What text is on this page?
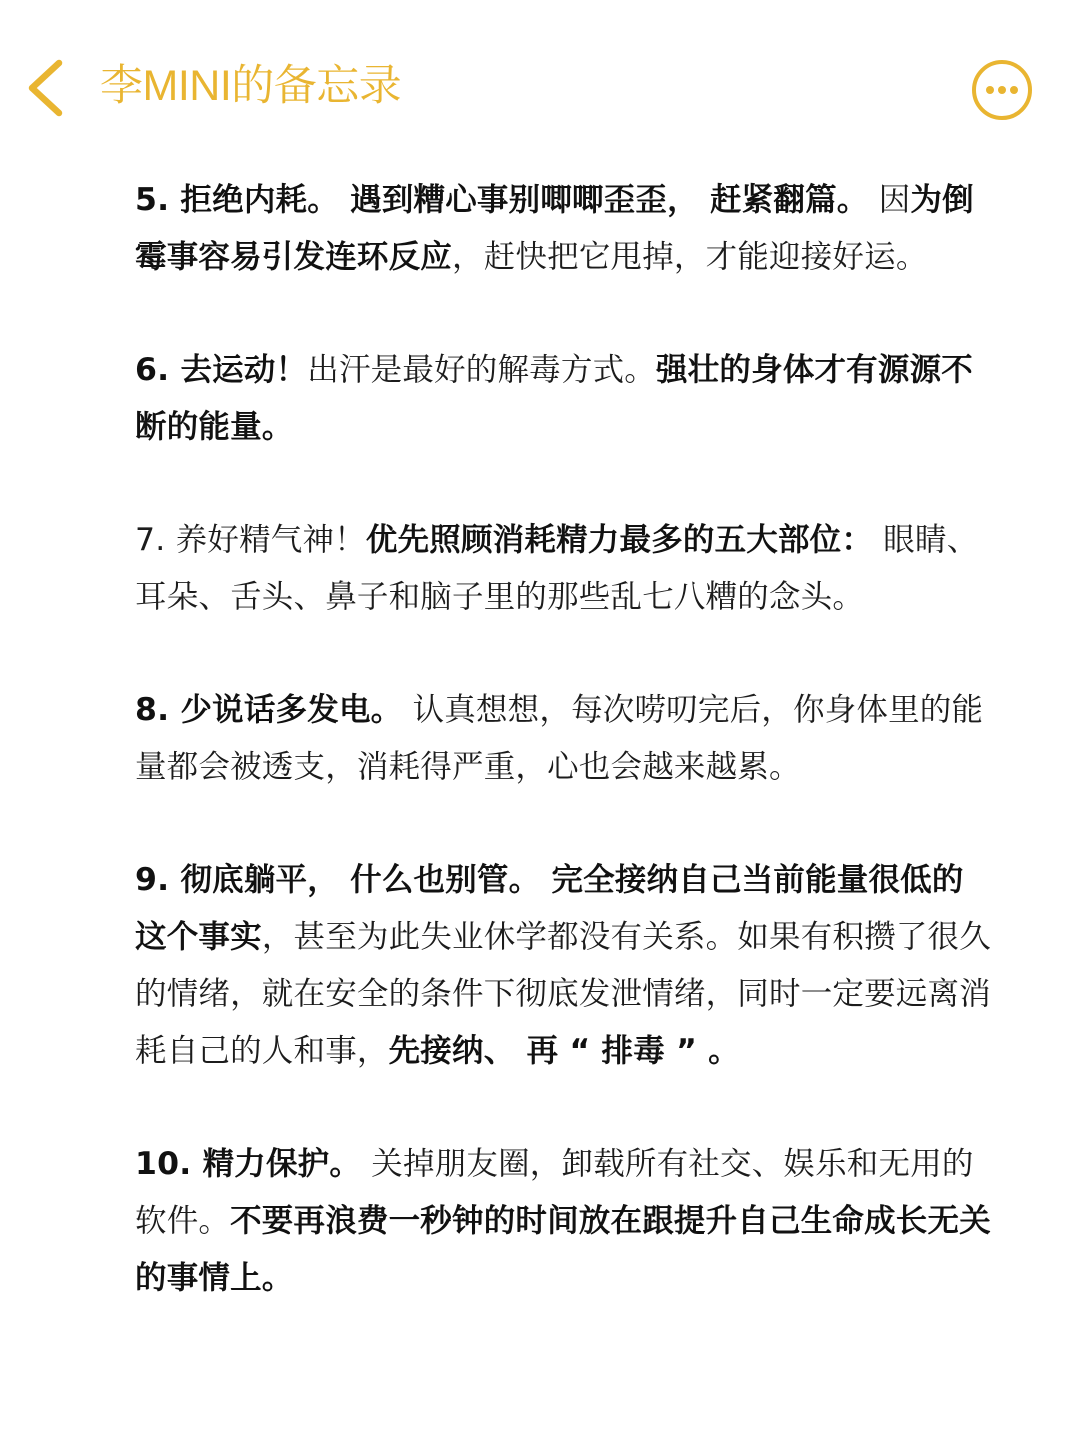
李MINI的备忘录

5. 拒绝内耗。 遇到糟心事别唧唧歪歪， 赶紧翻篇。 因为倒霉事容易引发连环反应，赶快把它甩掉，才能迎接好运。

6. 去运动！出汗是最好的解毒方式。强壮的身体才有源源不断的能量。

7. 养好精气神！优先照顾消耗精力最多的五大部位： 眼睛、耳朵、舌头、鼻子和脑子里的那些乱七八糟的念头。

8. 少说话多发电。 认真想想，每次唠叨完后，你身体里的能量都会被透支，消耗得严重，心也会越来越累。

9. 彻底躺平， 什么也别管。 完全接纳自己当前能量很低的这个事实，甚至为此失业休学都没有关系。如果有积攒了很久的情绪，就在安全的条件下彻底发泄情绪，同时一定要远离消耗自己的人和事，先接纳、 再 “ 排毒 ” 。

10. 精力保护。 关掉朋友圈，卸载所有社交、娱乐和无用的软件。不要再浪费一秒钟的时间放在跟提升自己生命成长无关的事情上。
